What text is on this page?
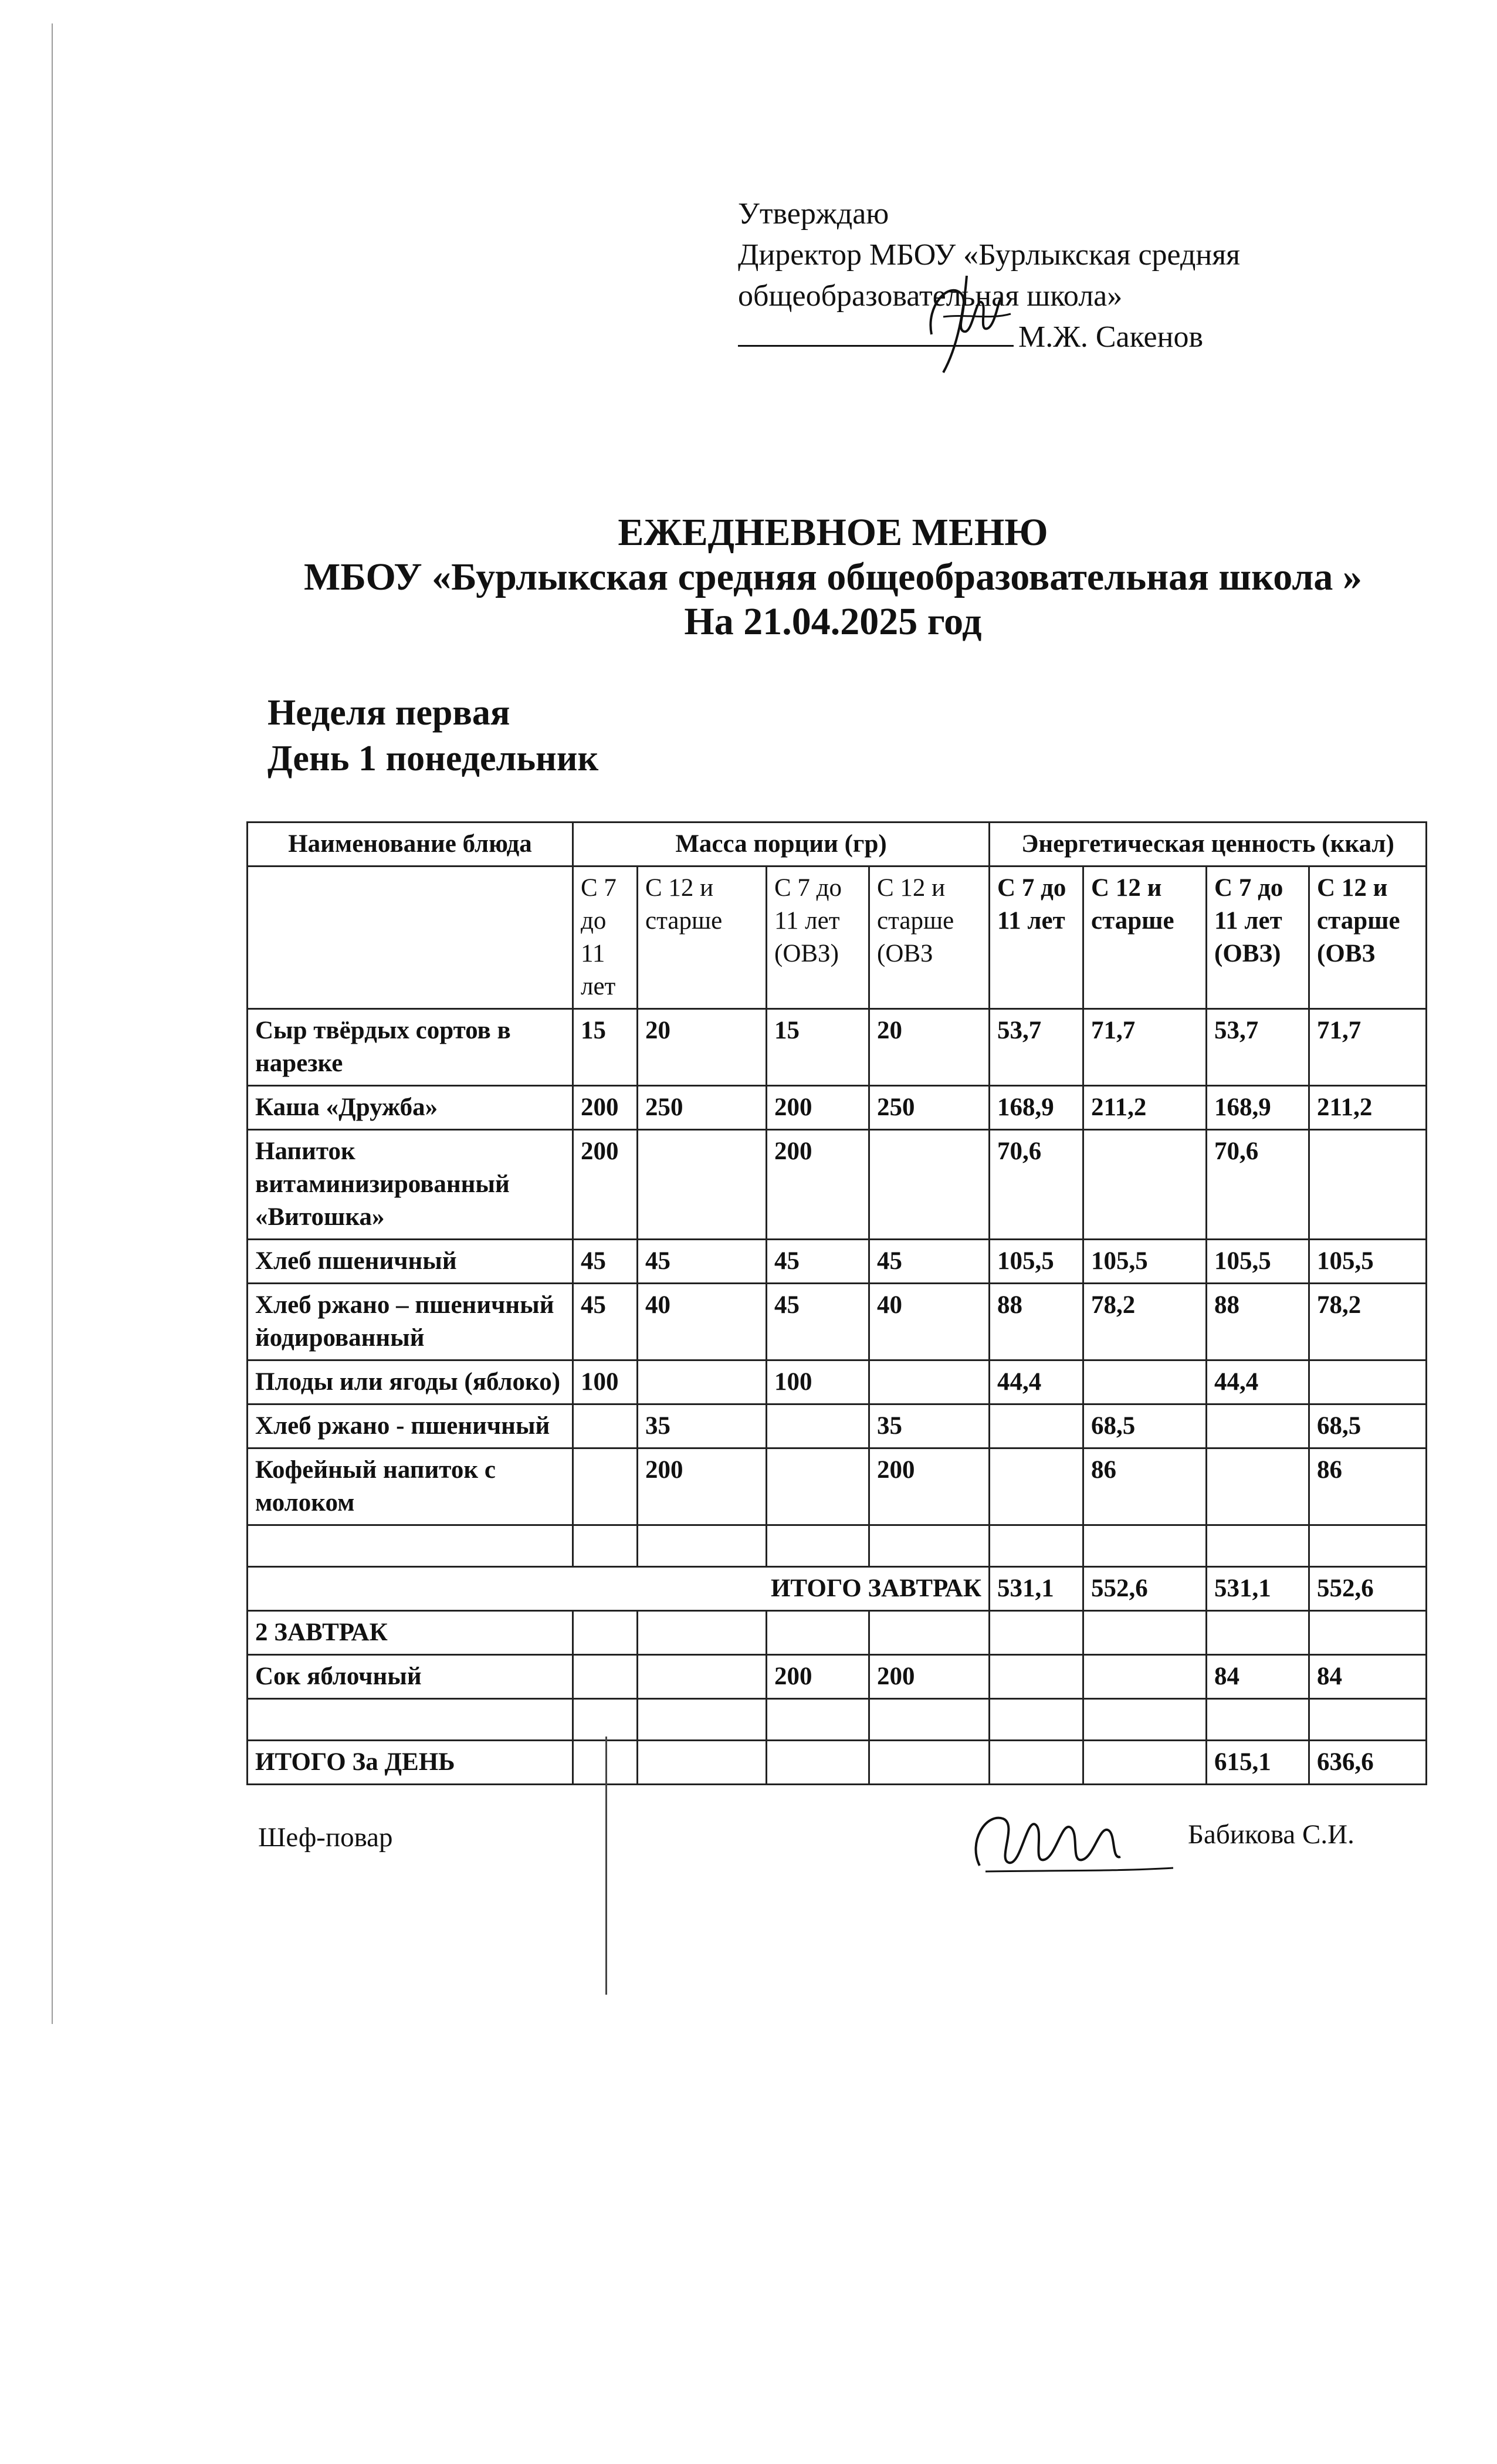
Утверждаю
Директор МБОУ «Бурлыкская средняя
общеобразовательная школа»
М.Ж. Сакенов
ЕЖЕДНЕВНОЕ МЕНЮ
МБОУ «Бурлыкская средняя общеобразовательная школа »
На 21.04.2025 год
Неделя первая
День 1 понедельник
Наименование блюда	Масса порции (гр)				Энергетическая ценность (ккал)			
	С 7 до 11 лет	С 12 и старше	С 7 до 11 лет (ОВЗ)	С 12 и старше (ОВЗ	С 7 до 11 лет	С 12 и старше	С 7 до 11 лет (ОВЗ)	С 12 и старше (ОВЗ
Сыр твёрдых сортов в нарезке	15	20	15	20	53,7	71,7	53,7	71,7
Каша «Дружба»	200	250	200	250	168,9	211,2	168,9	211,2
Напиток витаминизированный «Витошка»	200		200		70,6		70,6	
Хлеб пшеничный	45	45	45	45	105,5	105,5	105,5	105,5
Хлеб ржано – пшеничный йодированный	45	40	45	40	88	78,2	88	78,2
Плоды или ягоды (яблоко)	100		100		44,4		44,4	
Хлеб ржано - пшеничный		35		35		68,5		68,5
Кофейный напиток с молоком		200		200		86		86

ИТОГО ЗАВТРАК					531,1	552,6	531,1	552,6
2 ЗАВТРАК								
Сок яблочный			200	200			84	84

ИТОГО За ДЕНЬ							615,1	636,6
Шеф-повар	Бабикова С.И.
